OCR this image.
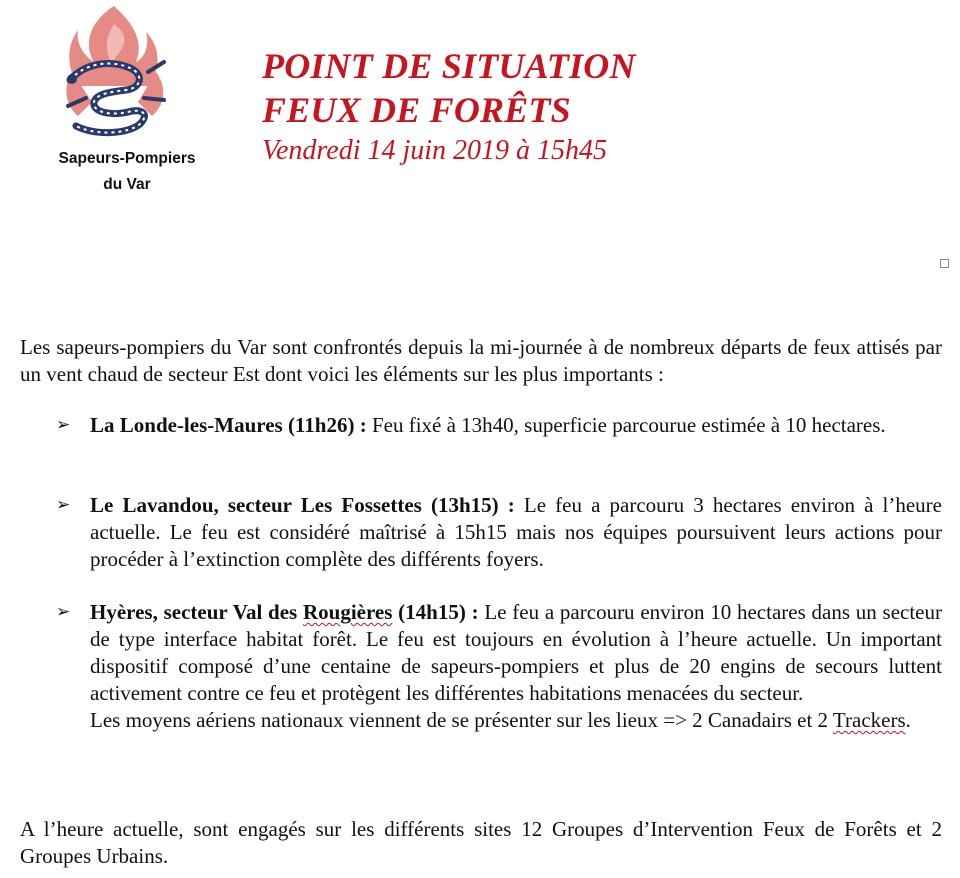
Sapeurs-Pompiers
du Var
POINT DE SITUATION
FEUX DE FORÊTS
Vendredi 14 juin 2019 à 15h45
Les sapeurs-pompiers du Var sont confrontés depuis la mi-journée à de nombreux départs de feux attisés par un vent chaud de secteur Est dont voici les éléments sur les plus importants :
➢ La Londe-les-Maures (11h26) : Feu fixé à 13h40, superficie parcourue estimée à 10 hectares.

➢ Le Lavandou, secteur Les Fossettes (13h15) : Le feu a parcouru 3 hectares environ à l’heure actuelle. Le feu est considéré maîtrisé à 15h15 mais nos équipes poursuivent leurs actions pour procéder à l’extinction complète des différents foyers.

➢ Hyères, secteur Val des Rougières (14h15) : Le feu a parcouru environ 10 hectares dans un secteur de type interface habitat forêt. Le feu est toujours en évolution à l’heure actuelle. Un important dispositif composé d’une centaine de sapeurs-pompiers et plus de 20 engins de secours luttent activement contre ce feu et protègent les différentes habitations menacées du secteur.

Les moyens aériens nationaux viennent de se présenter sur les lieux => 2 Canadairs et 2 Trackers.

A l’heure actuelle, sont engagés sur les différents sites 12 Groupes d’Intervention Feux de Forêts et 2 Groupes Urbains.
